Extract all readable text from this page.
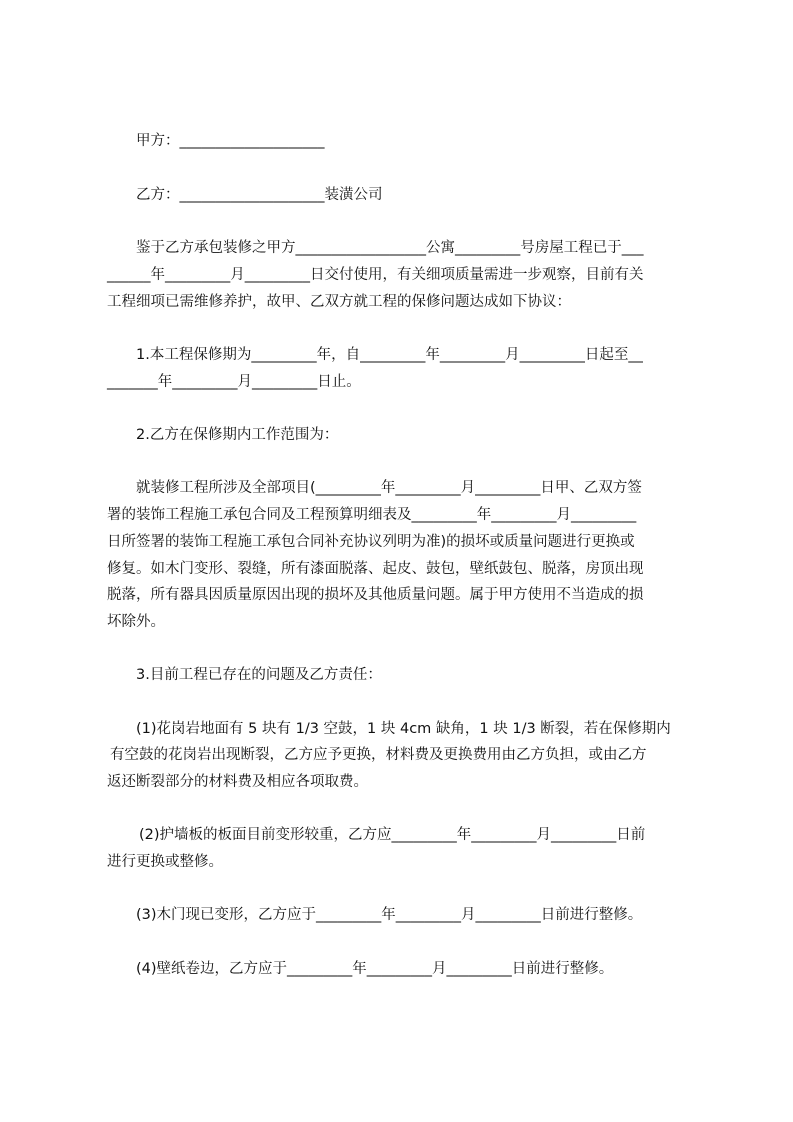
甲方：____________________
乙方：____________________装潢公司
鉴于乙方承包装修之甲方__________________公寓_________号房屋工程已于___
______年_________月_________日交付使用，有关细项质量需进一步观察，目前有关
工程细项已需维修养护，故甲、乙双方就工程的保修问题达成如下协议：
1.本工程保修期为_________年，自_________年_________月_________日起至__
_______年_________月_________日止。
2.乙方在保修期内工作范围为：
就装修工程所涉及全部项目(_________年_________月_________日甲、乙双方签
署的装饰工程施工承包合同及工程预算明细表及_________年_________月_________
日所签署的装饰工程施工承包合同补充协议列明为准)的损坏或质量问题进行更换或
修复。如木门变形、裂缝，所有漆面脱落、起皮、鼓包，壁纸鼓包、脱落，房顶出现
脱落，所有器具因质量原因出现的损坏及其他质量问题。属于甲方使用不当造成的损
坏除外。
3.目前工程已存在的问题及乙方责任：
(1)花岗岩地面有 5 块有 1/3 空鼓，1 块 4cm 缺角，1 块 1/3 断裂，若在保修期内
有空鼓的花岗岩出现断裂，乙方应予更换，材料费及更换费用由乙方负担，或由乙方
返还断裂部分的材料费及相应各项取费。
(2)护墙板的板面目前变形较重，乙方应_________年_________月_________日前
进行更换或整修。
(3)木门现已变形，乙方应于_________年_________月_________日前进行整修。
(4)壁纸卷边，乙方应于_________年_________月_________日前进行整修。
